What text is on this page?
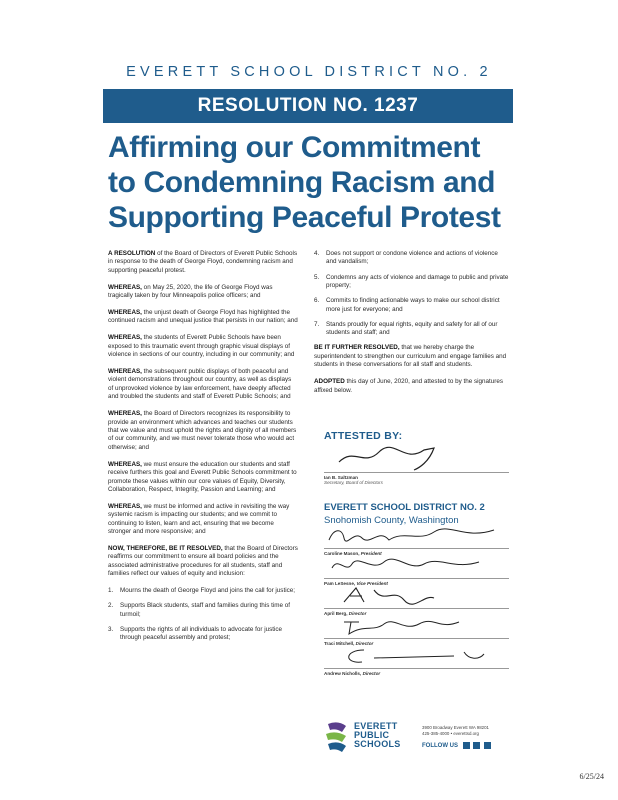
EVERETT SCHOOL DISTRICT NO. 2
RESOLUTION NO. 1237
Affirming our Commitment
to Condemning Racism and
Supporting Peaceful Protest

A RESOLUTION of the Board of Directors of Everett Public Schools in response to the death of George Floyd, condemning racism and supporting peaceful protest.

WHEREAS, on May 25, 2020, the life of George Floyd was tragically taken by four Minneapolis police officers; and

WHEREAS, the unjust death of George Floyd has highlighted the continued racism and unequal justice that persists in our nation; and

WHEREAS, the students of Everett Public Schools have been exposed to this traumatic event through graphic visual displays of violence in sections of our country, including in our community; and

WHEREAS, the subsequent public displays of both peaceful and violent demonstrations throughout our country, as well as displays of unprovoked violence by law enforcement, have deeply affected and troubled the students and staff of Everett Public Schools; and

WHEREAS, the Board of Directors recognizes its responsibility to provide an environment which advances and teaches our students that we value and must uphold the rights and dignity of all members of our community, and we must never tolerate those who would act otherwise; and

WHEREAS, we must ensure the education our students and staff receive furthers this goal and Everett Public Schools commitment to promote these values within our core values of Equity, Diversity, Collaboration, Respect, Integrity, Passion and Learning; and

WHEREAS, we must be informed and active in revisiting the way systemic racism is impacting our students; and we commit to continuing to listen, learn and act, ensuring that we become stronger and more responsive; and

NOW, THEREFORE, BE IT RESOLVED, that the Board of Directors reaffirms our commitment to ensure all board policies and the associated administrative procedures for all students, staff and families reflect our values of equity and inclusion:

1.	Mourns the death of George Floyd and joins the call for justice;
2.	Supports Black students, staff and families during this time of turmoil;
3.	Supports the rights of all individuals to advocate for justice through peaceful assembly and protest;
4.	Does not support or condone violence and actions of violence and vandalism;
5.	Condemns any acts of violence and damage to public and private property;
6.	Commits to finding actionable ways to make our school district more just for everyone; and
7.	Stands proudly for equal rights, equity and safety for all of our students and staff; and

BE IT FURTHER RESOLVED, that we hereby charge the superintendent to strengthen our curriculum and engage families and students in these conversations for all staff and students.

ADOPTED this day of June, 2020, and attested to by the signatures affixed below.

ATTESTED BY:
Ian B. Saltzman
Secretary, Board of Directors
EVERETT SCHOOL DISTRICT NO. 2
Snohomish County, Washington
Caroline Mason, President
Pam LeSesne, Vice President
April Berg, Director
Traci Mitchell, Director
Andrew Nicholls, Director
EVERETT
PUBLIC
SCHOOLS
3900 Broadway Everett WA 98201
425-385-4000 • everettsd.org
FOLLOW US
6/25/24
